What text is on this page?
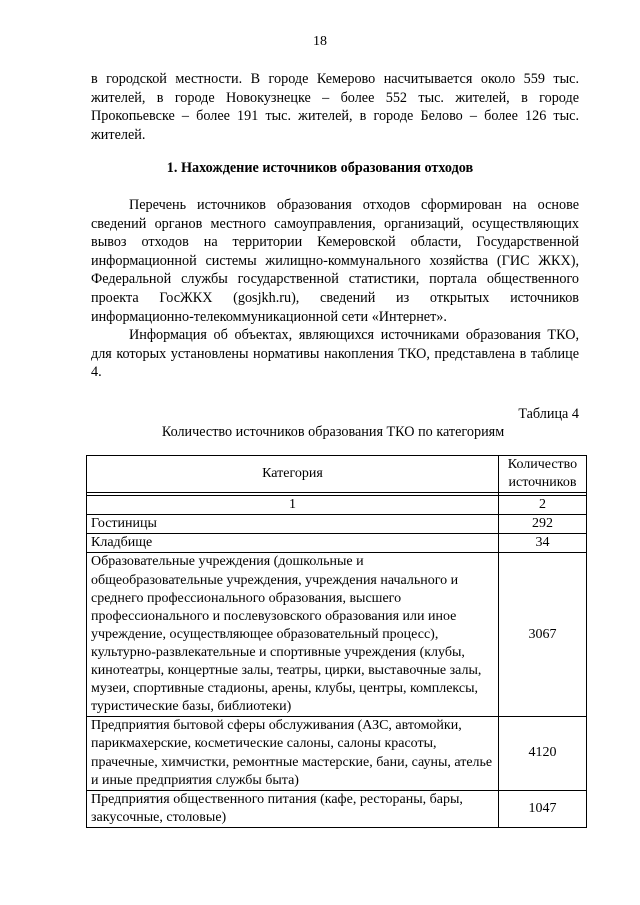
18

в городской местности. В городе Кемерово насчитывается около 559 тыс. жителей, в городе Новокузнецке – более 552 тыс. жителей, в городе Прокопьевске – более 191 тыс. жителей, в городе Белово – более 126 тыс. жителей.

1. Нахождение источников образования отходов

Перечень источников образования отходов сформирован на основе сведений органов местного самоуправления, организаций, осуществляющих вывоз отходов на территории Кемеровской области, Государственной информационной системы жилищно-коммунального хозяйства (ГИС ЖКХ), Федеральной службы государственной статистики, портала общественного проекта ГосЖКХ (gosjkh.ru), сведений из открытых источников информационно-телекоммуникационной сети «Интернет».

Информация об объектах, являющихся источниками образования ТКО, для которых установлены нормативы накопления ТКО, представлена в таблице 4.

Таблица 4
Количество источников образования ТКО по категориям
Категория	Количество источников

1	2
Гостиницы	292
Кладбище	34
Образовательные учреждения (дошкольные и общеобразовательные учреждения, учреждения начального и среднего профессионального образования, высшего профессионального и послевузовского образования или иное учреждение, осуществляющее образовательный процесс), культурно-развлекательные и спортивные учреждения (клубы, кинотеатры, концертные залы, театры, цирки, выставочные залы, музеи, спортивные стадионы, арены, клубы, центры, комплексы, туристические базы, библиотеки)	3067
Предприятия бытовой сферы обслуживания (АЗС, автомойки, парикмахерские, косметические салоны, салоны красоты, прачечные, химчистки, ремонтные мастерские, бани, сауны, ателье и иные предприятия службы быта)	4120
Предприятия общественного питания (кафе, рестораны, бары, закусочные, столовые)	1047
